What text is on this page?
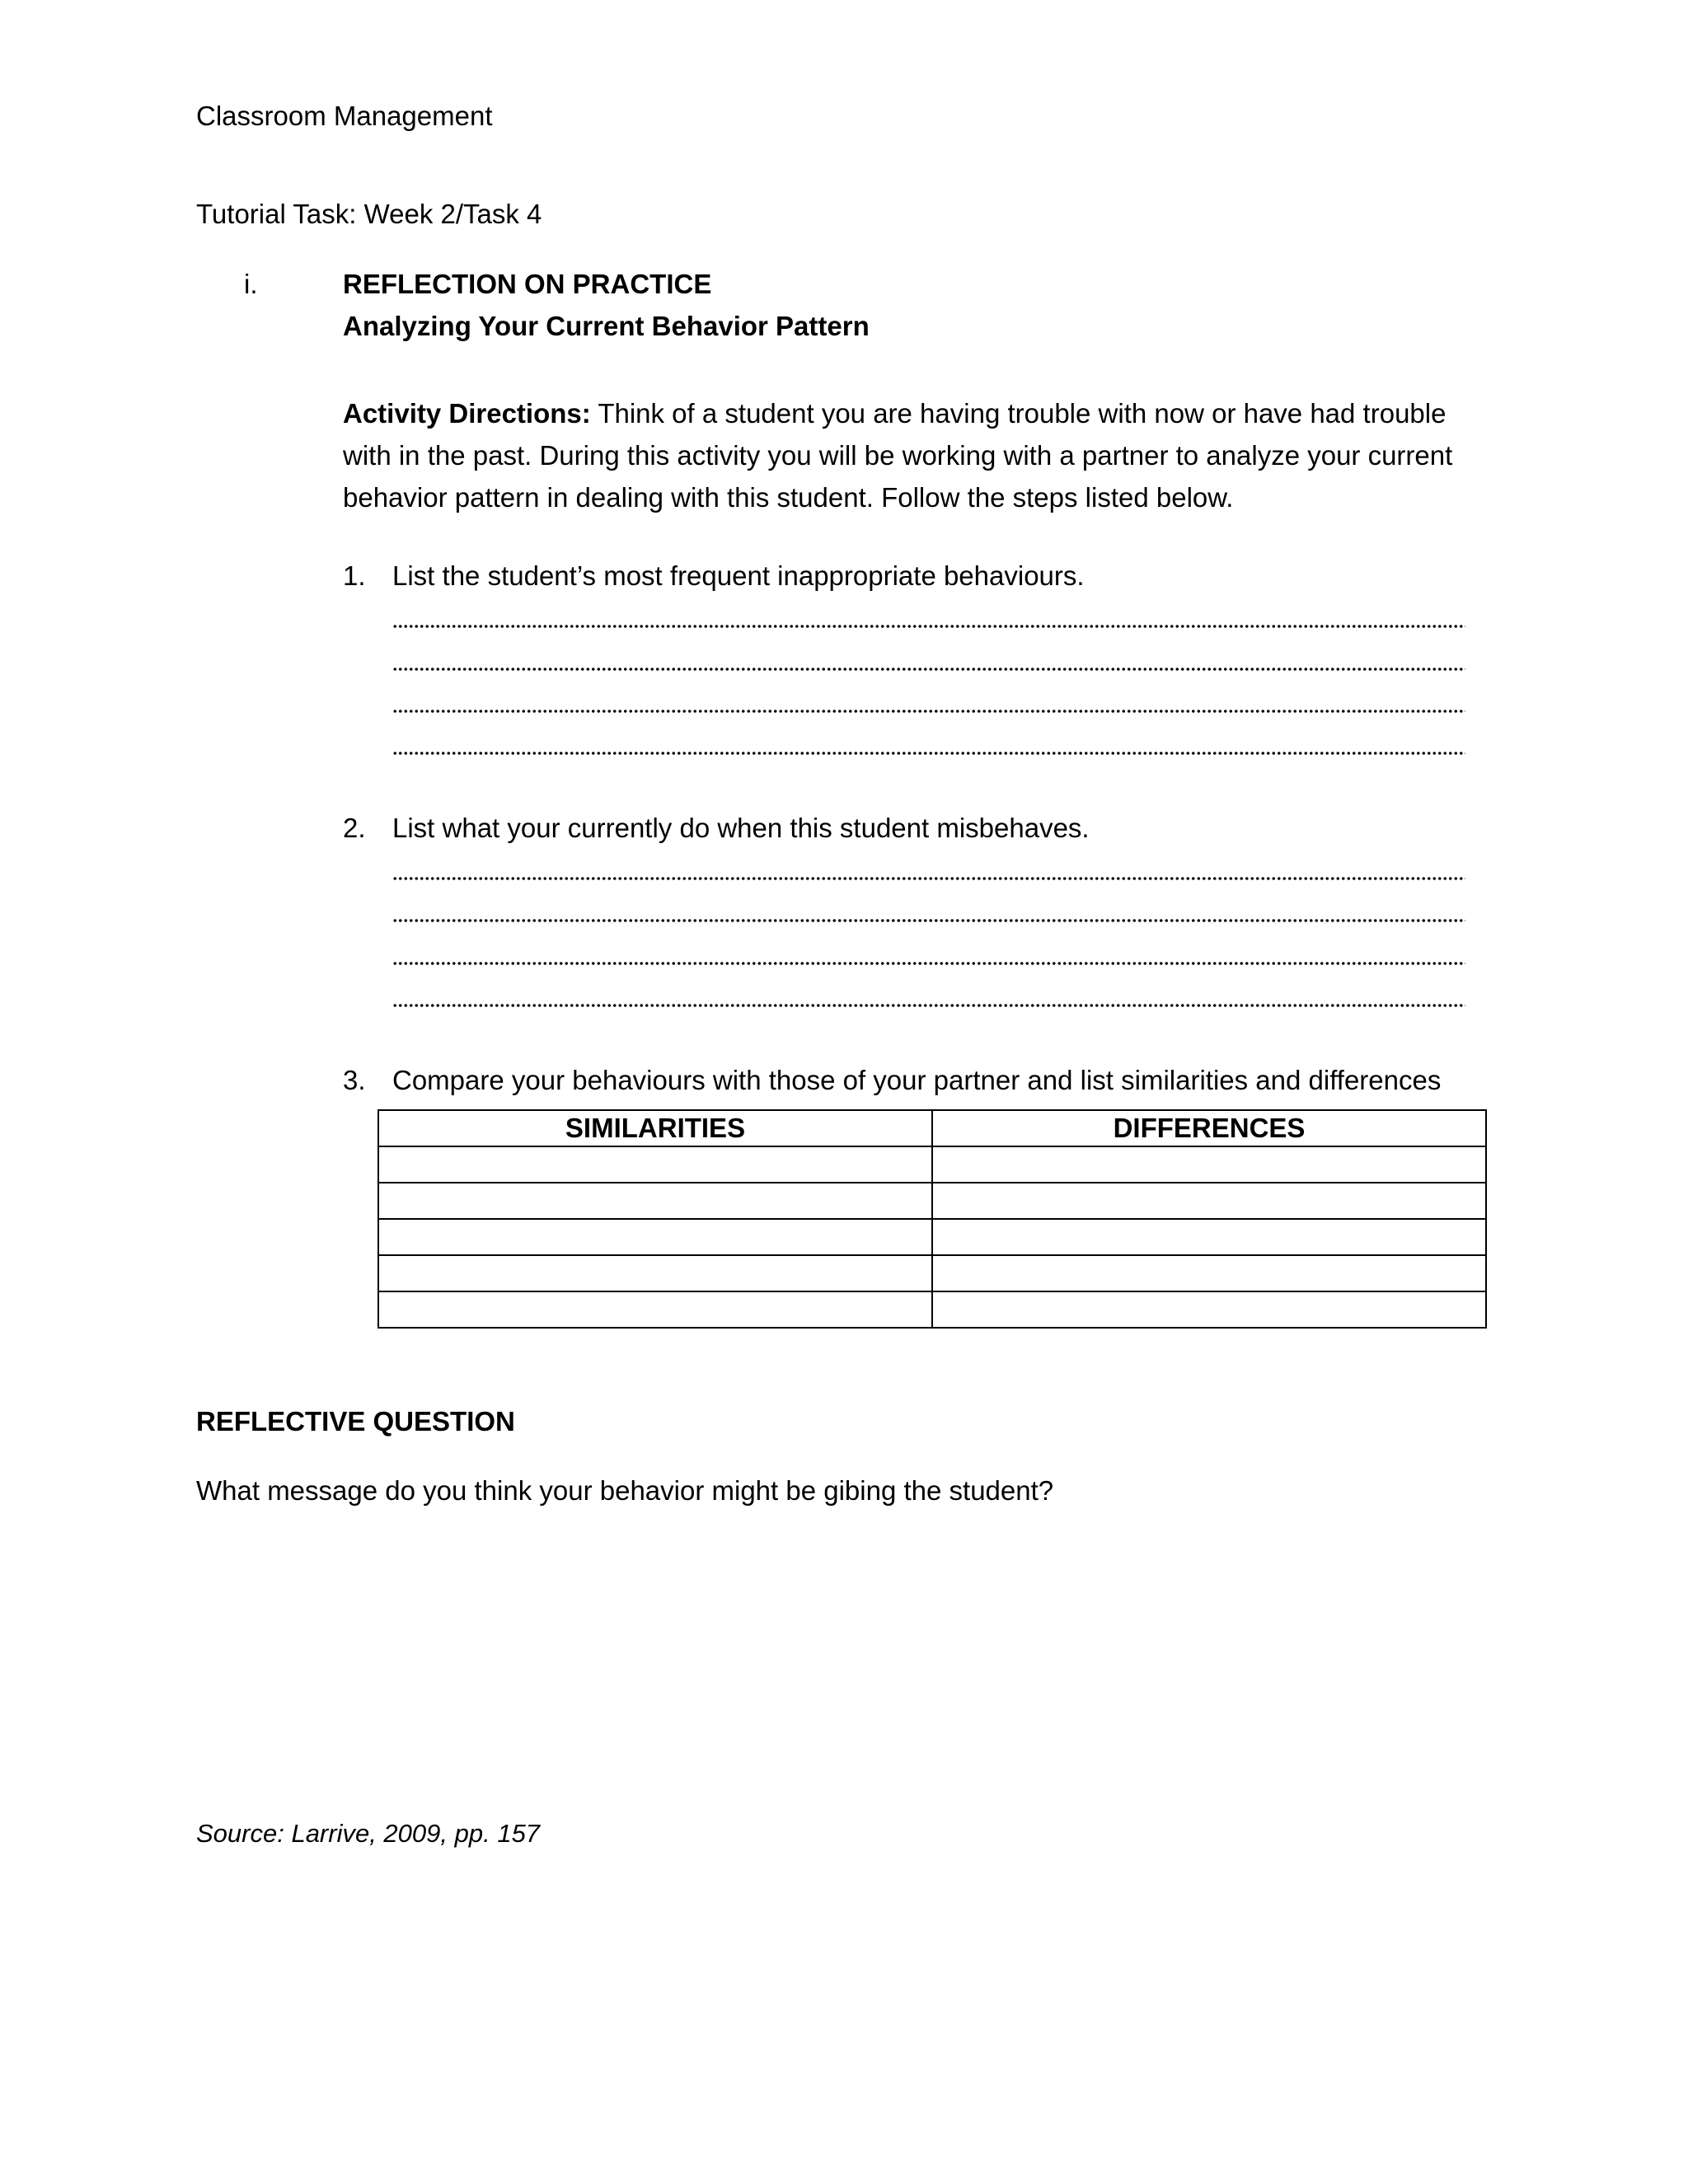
Classroom Management
Tutorial Task: Week 2/Task 4
i.	REFLECTION ON PRACTICE
Analyzing Your Current Behavior Pattern
Activity Directions: Think of a student you are having trouble with now or have had trouble with in the past. During this activity you will be working with a partner to analyze your current behavior pattern in dealing with this student. Follow the steps listed below.
1. List the student’s most frequent inappropriate behaviours.
2. List what your currently do when this student misbehaves.
3. Compare your behaviours with those of your partner and list similarities and differences
SIMILARITIES	DIFFERENCES

REFLECTIVE QUESTION
What message do you think your behavior might be gibing the student?
Source: Larrive, 2009, pp. 157
